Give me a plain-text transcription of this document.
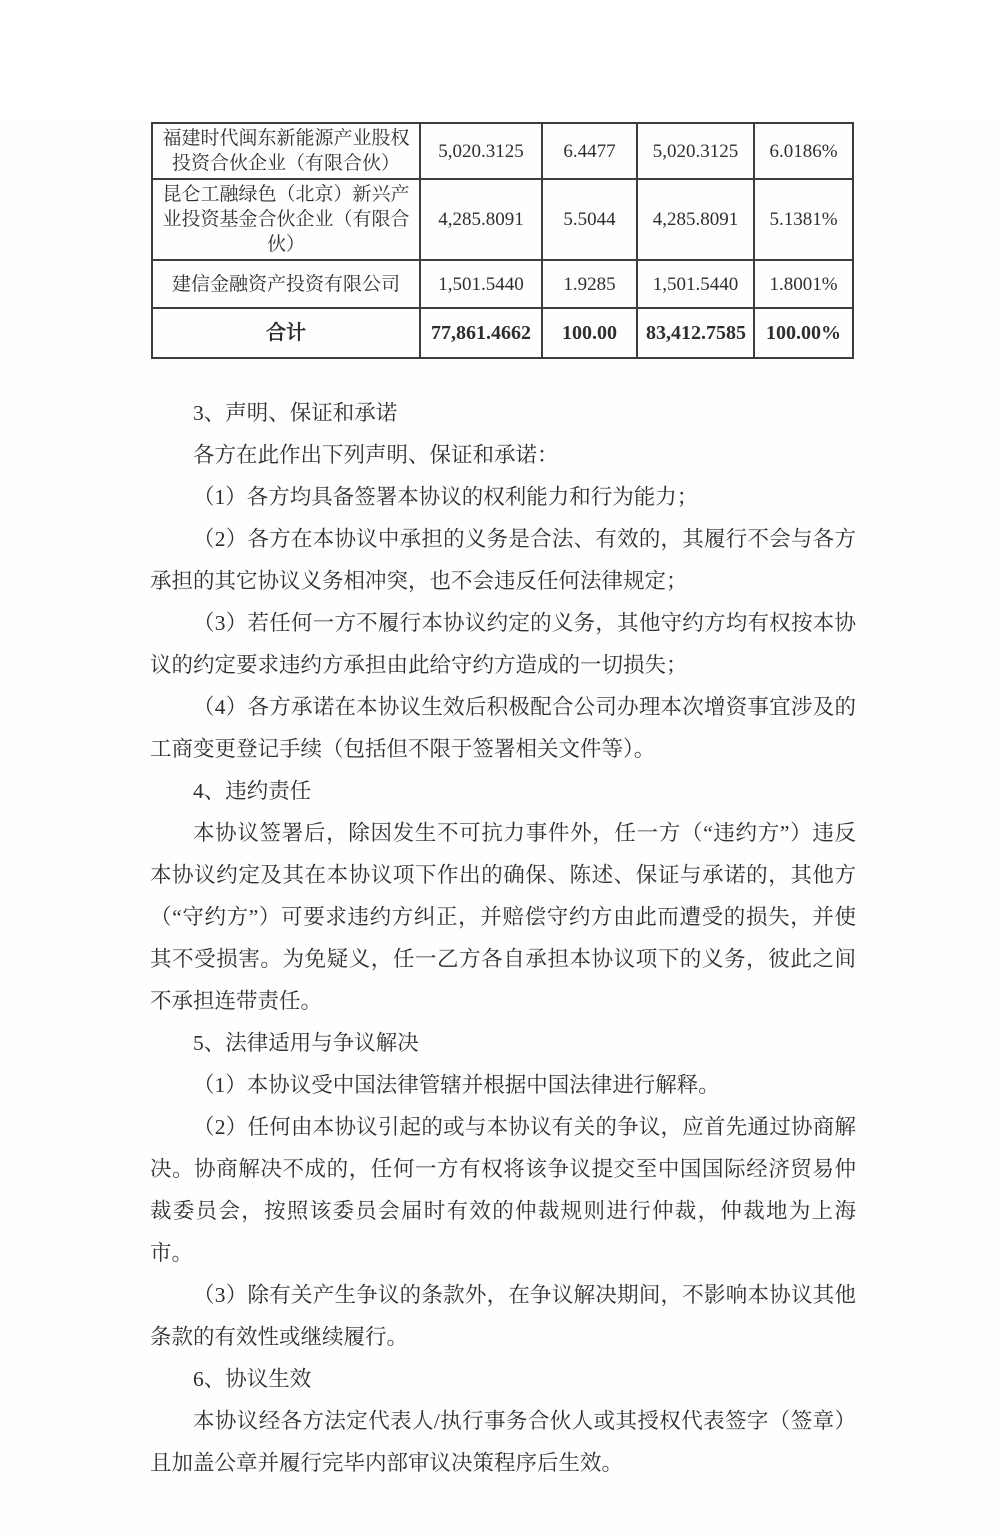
福建时代闽东新能源产业股权投资合伙企业（有限合伙）	5,020.3125	6.4477	5,020.3125	6.0186%
昆仑工融绿色（北京）新兴产业投资基金合伙企业（有限合伙）	4,285.8091	5.5044	4,285.8091	5.1381%
建信金融资产投资有限公司	1,501.5440	1.9285	1,501.5440	1.8001%
合计	77,861.4662	100.00	83,412.7585	100.00%

3、声明、保证和承诺

各方在此作出下列声明、保证和承诺：

（1）各方均具备签署本协议的权利能力和行为能力；

（2）各方在本协议中承担的义务是合法、有效的，其履行不会与各方承担的其它协议义务相冲突，也不会违反任何法律规定；

（3）若任何一方不履行本协议约定的义务，其他守约方均有权按本协议的约定要求违约方承担由此给守约方造成的一切损失；

（4）各方承诺在本协议生效后积极配合公司办理本次增资事宜涉及的工商变更登记手续（包括但不限于签署相关文件等）。

4、违约责任

本协议签署后，除因发生不可抗力事件外，任一方（“违约方”）违反本协议约定及其在本协议项下作出的确保、陈述、保证与承诺的，其他方（“守约方”）可要求违约方纠正，并赔偿守约方由此而遭受的损失，并使其不受损害。为免疑义，任一乙方各自承担本协议项下的义务，彼此之间不承担连带责任。

5、法律适用与争议解决

（1）本协议受中国法律管辖并根据中国法律进行解释。

（2）任何由本协议引起的或与本协议有关的争议，应首先通过协商解决。协商解决不成的，任何一方有权将该争议提交至中国国际经济贸易仲裁委员会，按照该委员会届时有效的仲裁规则进行仲裁，仲裁地为上海市。

（3）除有关产生争议的条款外，在争议解决期间，不影响本协议其他条款的有效性或继续履行。

6、协议生效

本协议经各方法定代表人/执行事务合伙人或其授权代表签字（签章）且加盖公章并履行完毕内部审议决策程序后生效。
